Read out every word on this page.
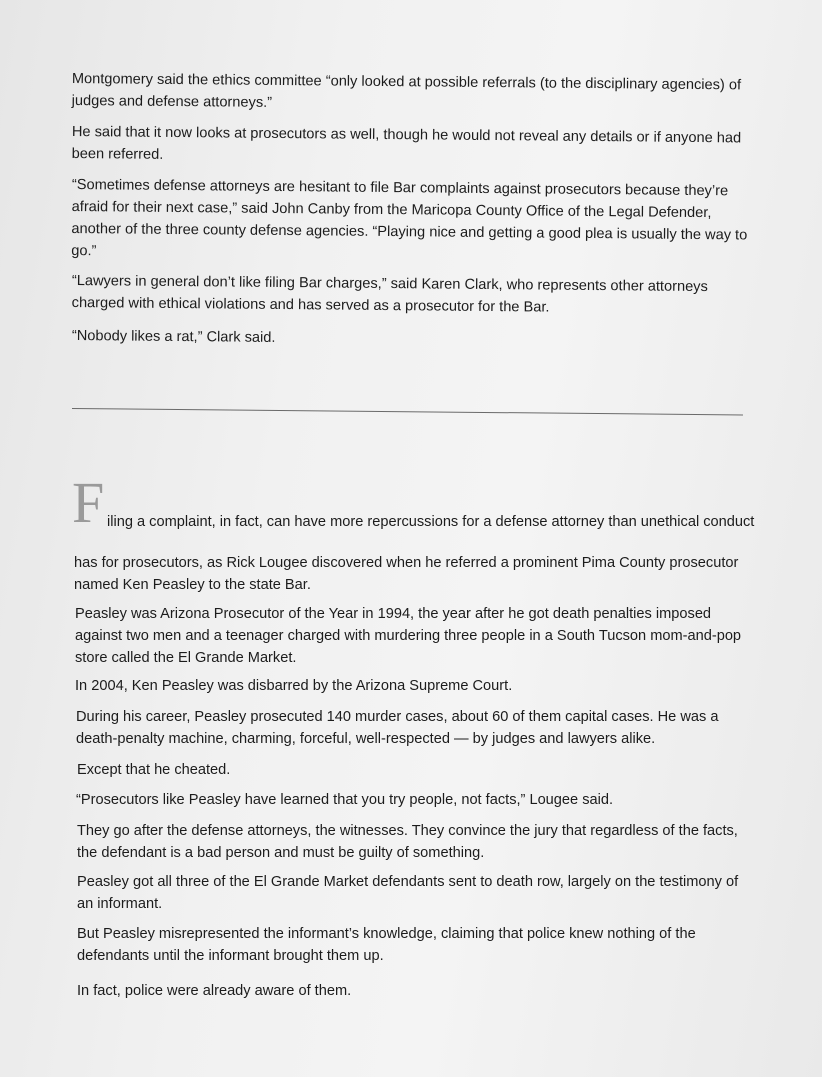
Montgomery said the ethics committee “only looked at possible referrals (to the disciplinary agencies) of judges and defense attorneys.”

He said that it now looks at prosecutors as well, though he would not reveal any details or if anyone had been referred.

“Sometimes defense attorneys are hesitant to file Bar complaints against prosecutors because they’re afraid for their next case,” said John Canby from the Maricopa County Office of the Legal Defender, another of the three county defense agencies. “Playing nice and getting a good plea is usually the way to go.”

“Lawyers in general don’t like filing Bar charges,” said Karen Clark, who represents other attorneys charged with ethical violations and has served as a prosecutor for the Bar.

“Nobody likes a rat,” Clark said.

F iling a complaint, in fact, can have more repercussions for a defense attorney than unethical conduct

has for prosecutors, as Rick Lougee discovered when he referred a prominent Pima County prosecutor named Ken Peasley to the state Bar.

Peasley was Arizona Prosecutor of the Year in 1994, the year after he got death penalties imposed against two men and a teenager charged with murdering three people in a South Tucson mom-and-pop store called the El Grande Market.

In 2004, Ken Peasley was disbarred by the Arizona Supreme Court.

During his career, Peasley prosecuted 140 murder cases, about 60 of them capital cases. He was a death-penalty machine, charming, forceful, well-respected — by judges and lawyers alike.

Except that he cheated.

“Prosecutors like Peasley have learned that you try people, not facts,” Lougee said.

They go after the defense attorneys, the witnesses. They convince the jury that regardless of the facts, the defendant is a bad person and must be guilty of something.

Peasley got all three of the El Grande Market defendants sent to death row, largely on the testimony of an informant.

But Peasley misrepresented the informant’s knowledge, claiming that police knew nothing of the defendants until the informant brought them up.

In fact, police were already aware of them.
